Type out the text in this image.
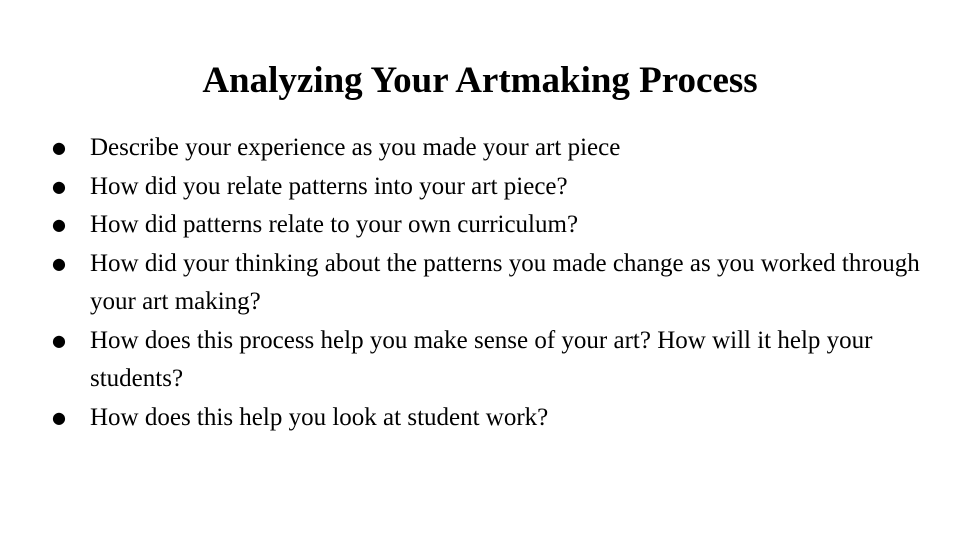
Analyzing Your Artmaking Process
● Describe your experience as you made your art piece
● How did you relate patterns into your art piece?
● How did patterns relate to your own curriculum?
● How did your thinking about the patterns you made change as you worked through your art making?
● How does this process help you make sense of your art? How will it help your students?
● How does this help you look at student work?
